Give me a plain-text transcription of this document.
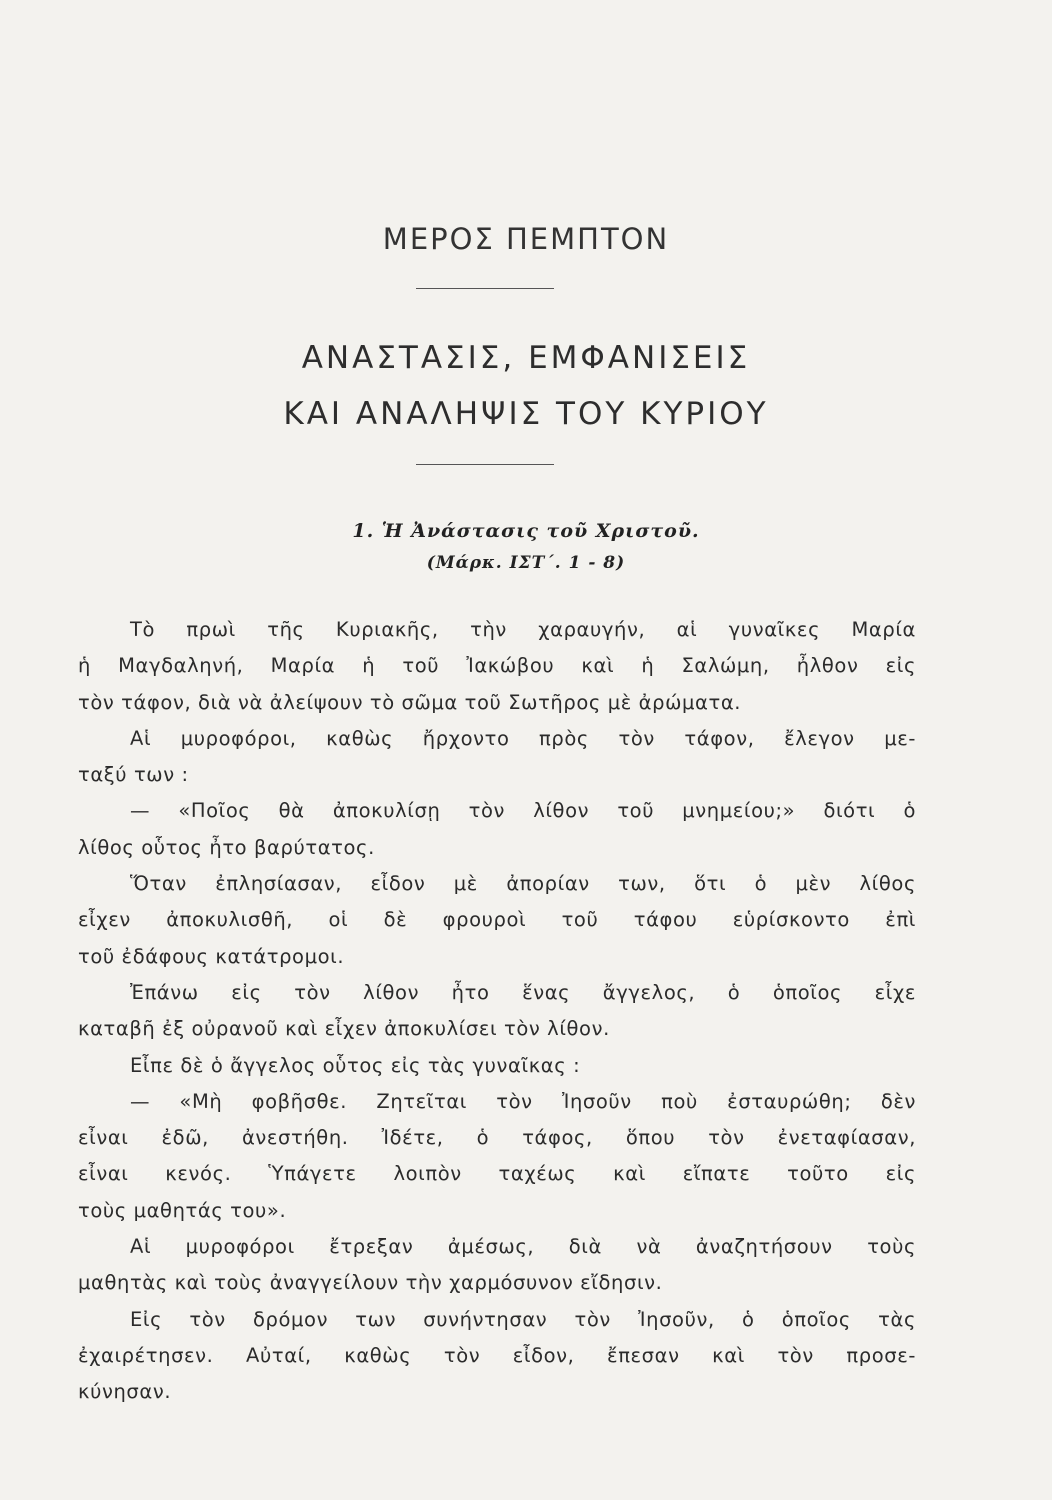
ΜΕΡΟΣ ΠΕΜΠΤΟΝ
ΑΝΑΣΤΑΣΙΣ, ΕΜΦΑΝΙΣΕΙΣ
ΚΑΙ ΑΝΑΛΗΨΙΣ ΤΟΥ ΚΥΡΙΟΥ
1. Ἡ Ἀνάστασις τοῦ Χριστοῦ.
(Μάρκ. ΙΣΤ΄. 1 - 8)
Τὸ πρωὶ τῆς Κυριακῆς, τὴν χαραυγήν, αἱ γυναῖκες Μαρία
ἡ Μαγδαληνή, Μαρία ἡ τοῦ Ἰακώβου καὶ ἡ Σαλώμη, ἦλθον εἰς
τὸν τάφον, διὰ νὰ ἀλείψουν τὸ σῶμα τοῦ Σωτῆρος μὲ ἀρώματα.
Αἱ μυροφόροι, καθὼς ἤρχοντο πρὸς τὸν τάφον, ἔλεγον με-
ταξύ των :
— «Ποῖος θὰ ἀποκυλίσῃ τὸν λίθον τοῦ μνημείου;» διότι ὁ
λίθος οὗτος ἦτο βαρύτατος.
Ὅταν ἐπλησίασαν, εἶδον μὲ ἀπορίαν των, ὅτι ὁ μὲν λίθος
εἶχεν ἀποκυλισθῆ, οἱ δὲ φρουροὶ τοῦ τάφου εὑρίσκοντο ἐπὶ
τοῦ ἐδάφους κατάτρομοι.
Ἐπάνω εἰς τὸν λίθον ἦτο ἕνας ἄγγελος, ὁ ὁποῖος εἶχε
καταβῆ ἐξ οὐρανοῦ καὶ εἶχεν ἀποκυλίσει τὸν λίθον.
Εἶπε δὲ ὁ ἄγγελος οὗτος εἰς τὰς γυναῖκας :
— «Μὴ φοβῆσθε. Ζητεῖται τὸν Ἰησοῦν ποὺ ἐσταυρώθη; δὲν
εἶναι ἐδῶ, ἀνεστήθη. Ἰδέτε, ὁ τάφος, ὅπου τὸν ἐνεταφίασαν,
εἶναι κενός. Ὑπάγετε λοιπὸν ταχέως καὶ εἴπατε τοῦτο εἰς
τοὺς μαθητάς του».
Αἱ μυροφόροι ἔτρεξαν ἀμέσως, διὰ νὰ ἀναζητήσουν τοὺς
μαθητὰς καὶ τοὺς ἀναγγείλουν τὴν χαρμόσυνον εἴδησιν.
Εἰς τὸν δρόμον των συνήντησαν τὸν Ἰησοῦν, ὁ ὁποῖος τὰς
ἐχαιρέτησεν. Αὐταί, καθὼς τὸν εἶδον, ἔπεσαν καὶ τὸν προσε-
κύνησαν.
